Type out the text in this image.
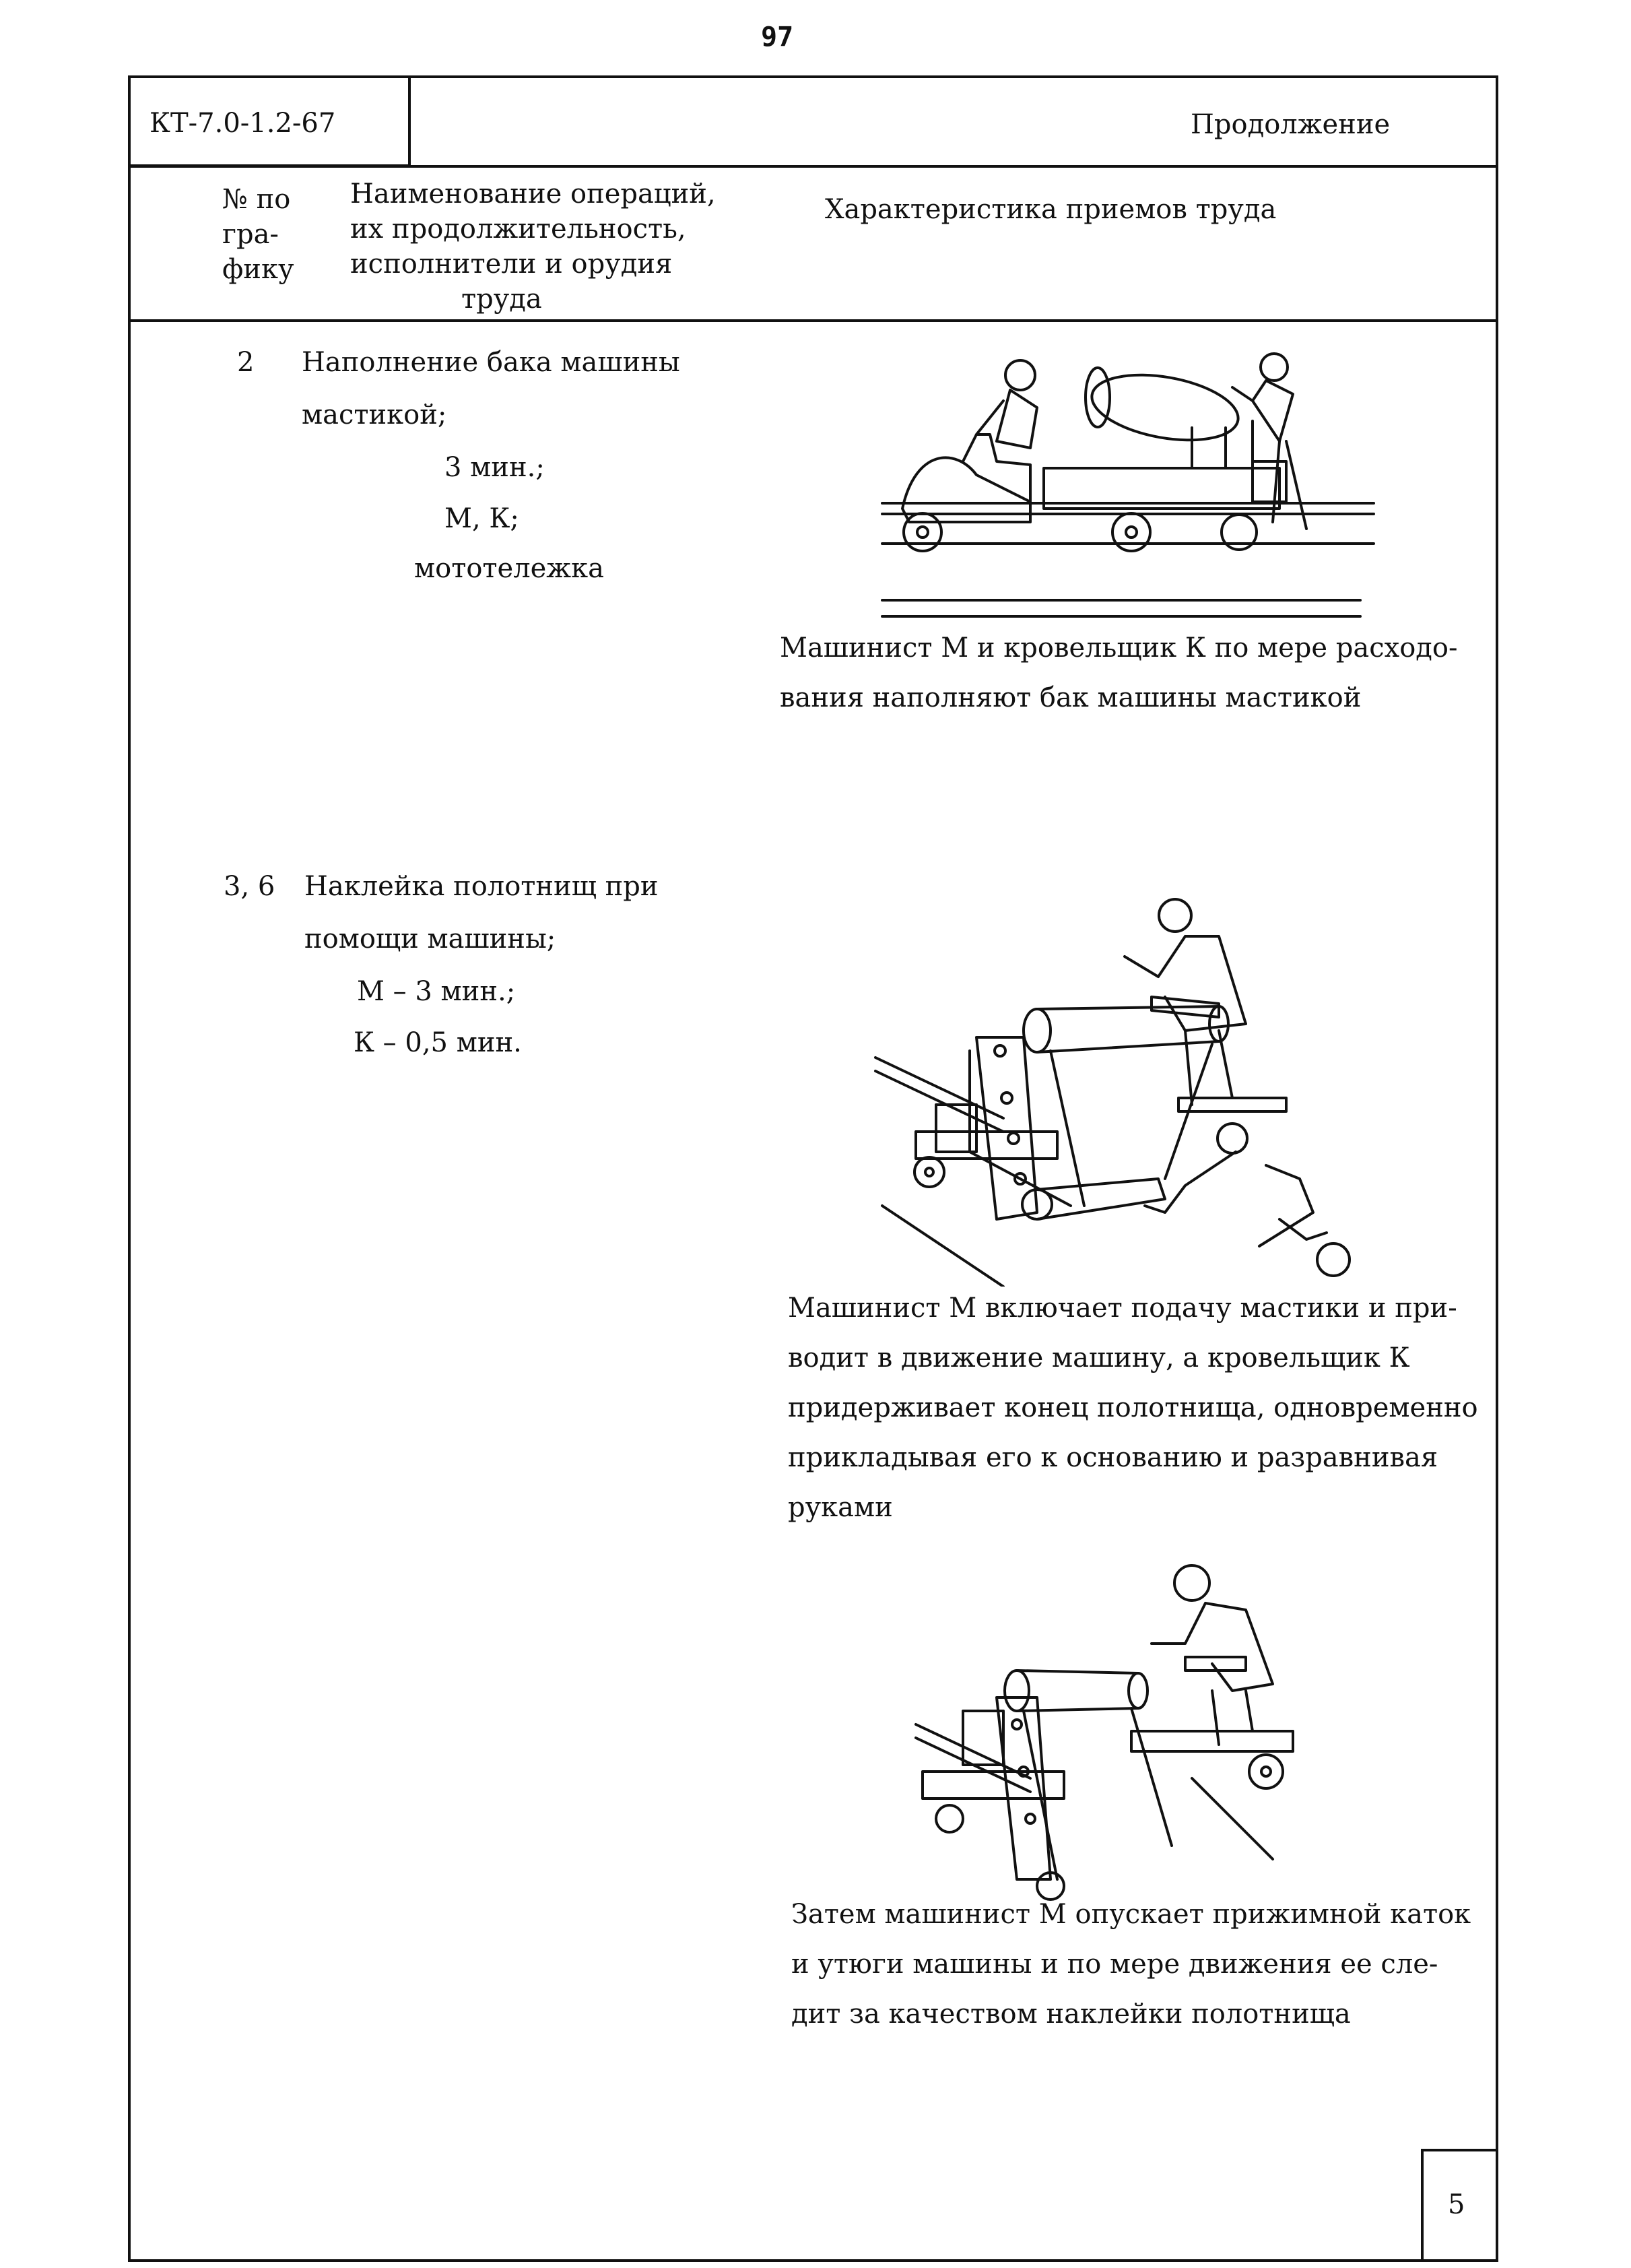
97
КТ-7.0-1.2-67	Продолжение
№ по
гра-
фику
Наименование операций,
их продолжительность,
исполнители и орудия
труда
Характеристика приемов труда
2 Наполнение бака машины
мастикой;
3 мин.;
М, К;
мототележка
Машинист М и кровельщик К по мере расходо-
вания наполняют бак машины мастикой
3, 6 Наклейка полотнищ при
помощи машины;
М – 3 мин.;
К – 0,5 мин.
Машинист М включает подачу мастики и при-
водит в движение машину, а кровельщик К
придерживает конец полотнища, одновременно
прикладывая его к основанию и разравнивая
руками
Затем машинист М опускает прижимной каток
и утюги машины и по мере движения ее сле-
дит за качеством наклейки полотнища
5
